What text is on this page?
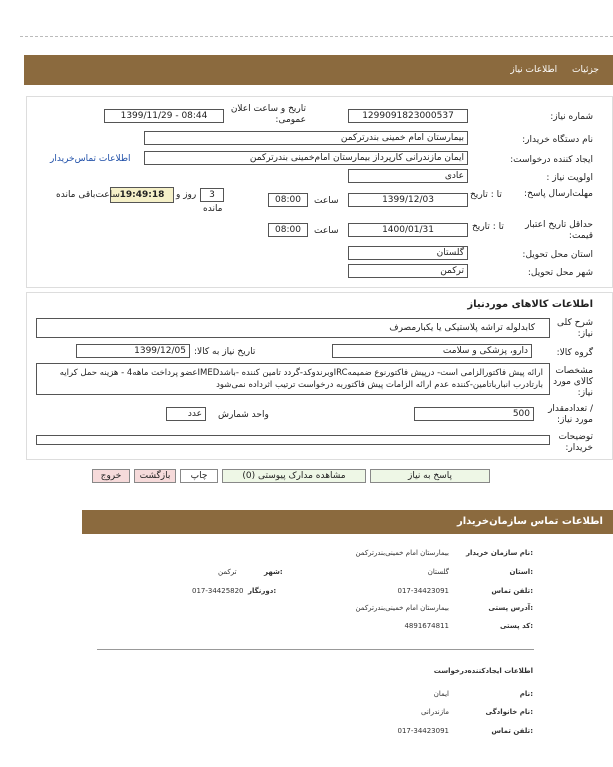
جزئیات اطلاعات نیاز
شماره نیاز:
1299091823000537
تاریخ و ساعت اعلان عمومی:
1399/11/29 - 08:44
نام دستگاه خریدار:
بیمارستان امام خمینی بندرترکمن
ایجاد کننده درخواست:
ایمان مازندرانی کارپرداز بیمارستان امام‌خمینی بندرترکمن
اطلاعات تماس‌خریدار
اولویت نیاز :
عادی
مهلت‌ارسال پاسخ:
تا : تاریخ
1399/12/03
ساعت
08:00
3
روز و
19:49:18
ساعت‌باقی مانده
مانده
حداقل تاریخ اعتبار قیمت:
تا : تاریخ
1400/01/31
ساعت
08:00
استان محل تحویل:
گلستان
شهر محل تحویل:
ترکمن
اطلاعات کالاهای موردنیاز
شرح کلی نیاز:
کابدلوله تراشه پلاستیکی یا یکبارمصرف
گروه کالا:
دارو، پزشکی و سلامت
تاریخ نیاز به کالا:
1399/12/05
مشخصات کالای مورد نیاز:
ارائه پیش فاکتورالزامی است- درپیش فاکتورنوع ضمیمهIRCوبرندوکد-گردد تامین کننده -باشدIMEDعضو پرداخت ماهه4 - هزینه حمل کرایه بارتادرب انباربا‌تامین‌-کننده عدم ارائه الزامات پیش فاکتوربه درخواست ترتیب اثرداده نمی‌شود
/ تعدادمقدار مورد نیاز:
500
واحد شمارش
عدد
توضیحات خریدار:
پاسخ به نیاز
مشاهده مدارک پیوستی (0)
چاپ
بازگشت
خروج
اطلاعات تماس سازمان‌خریدار
نام سازمان خریدار:
بیمارستان امام خمینی‌بندرترکمن
استان:
گلستان
شهر:
ترکمن
تلفن تماس:
017-34423091
دورنگار:
017-34425820
آدرس پستی:
بیمارستان امام خمینی‌بندرترکمن
کد پستی:
4891674811
اطلاعات ایجادکننده‌درخواست
نام:
ایمان
نام خانوادگی:
مازندرانی
تلفن تماس:
017-34423091
